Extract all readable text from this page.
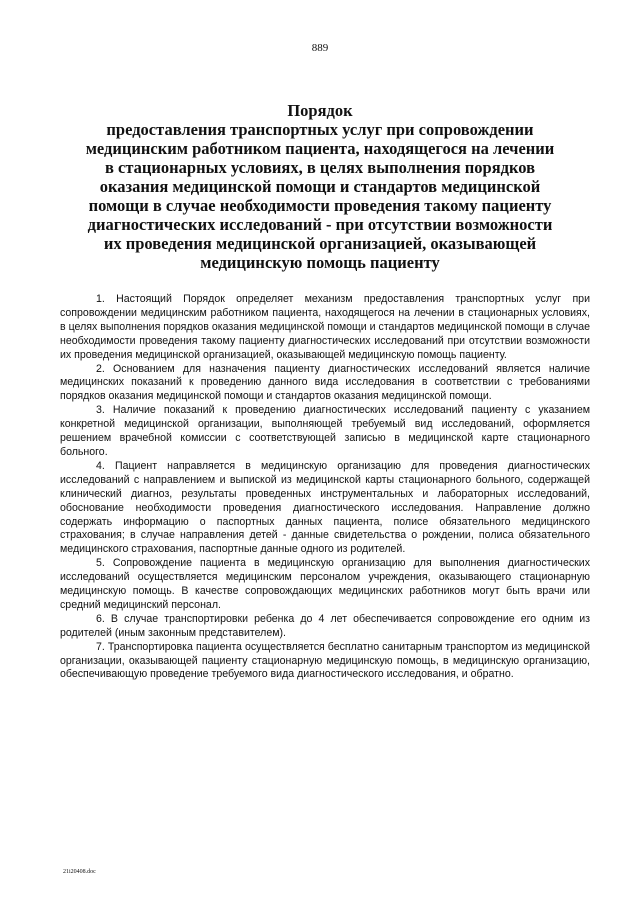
889
Порядок
предоставления транспортных услуг при сопровождении
медицинским работником пациента, находящегося на лечении
в стационарных условиях, в целях выполнения порядков
оказания медицинской помощи и стандартов медицинской
помощи в случае необходимости проведения такому пациенту
диагностических исследований - при отсутствии возможности
их проведения медицинской организацией, оказывающей
медицинскую помощь пациенту

1. Настоящий Порядок определяет механизм предоставления транспортных услуг при сопровождении медицинским работником пациента, находящегося на лечении в стационарных условиях, в целях выполнения порядков оказания медицинской помощи и стандартов медицинской помощи в случае необходимости проведения такому пациенту диагностических исследований при отсутствии возможности их проведения медицинской организацией, оказывающей медицинскую помощь пациенту.

2. Основанием для назначения пациенту диагностических исследований является наличие медицинских показаний к проведению данного вида исследования в соответствии с требованиями порядков оказания медицинской помощи и стандартов оказания медицинской помощи.

3. Наличие показаний к проведению диагностических исследований пациенту с указанием конкретной медицинской организации, выполняющей требуемый вид исследований, оформляется решением врачебной комиссии с соответствующей записью в медицинской карте стационарного больного.

4. Пациент направляется в медицинскую организацию для проведения диагностических исследований с направлением и выпиской из медицинской карты стационарного больного, содержащей клинический диагноз, результаты проведенных инструментальных и лабораторных исследований, обоснование необходимости проведения диагностического исследования. Направление должно содержать информацию о паспортных данных пациента, полисе обязательного медицинского страхования; в случае направления детей - данные свидетельства о рождении, полиса обязательного медицинского страхования, паспортные данные одного из родителей.

5. Сопровождение пациента в медицинскую организацию для выполнения диагностических исследований осуществляется медицинским персоналом учреждения, оказывающего стационарную медицинскую помощь. В качестве сопровождающих медицинских работников могут быть врачи или средний медицинский персонал.

6. В случае транспортировки ребенка до 4 лет обеспечивается сопровождение его одним из родителей (иным законным представителем).

7. Транспортировка пациента осуществляется бесплатно санитарным транспортом из медицинской организации, оказывающей пациенту стационарную медицинскую помощь, в медицинскую организацию, обеспечивающую проведение требуемого вида диагностического исследования, и обратно.

21i20408.doc
